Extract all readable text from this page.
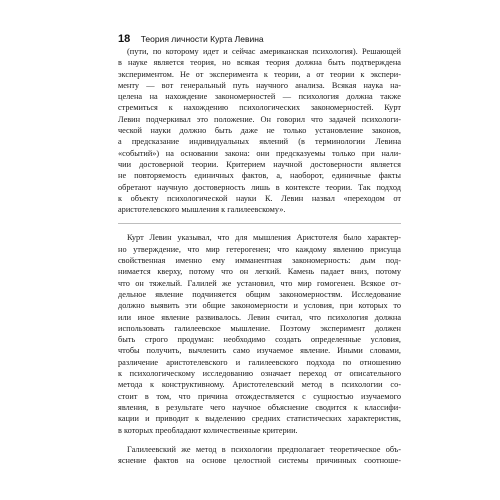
18 Теория личности Курта Левина
(пути, по которому идет и сейчас американская психология). Решающей
в науке является теория, но всякая теория должна быть подтверждена
экспериментом. Не от эксперимента к теории, а от теории к экспери-
менту — вот генеральный путь научного анализа. Всякая наука на-
целена на нахождение закономерностей — психология должна также
стремиться к нахождению психологических закономерностей. Курт
Левин подчеркивал это положение. Он говорил что задачей психологи-
ческой науки должно быть даже не только установление законов,
а предсказание индивидуальных явлений (в терминологии Левина
«событий») на основании закона: они предсказуемы только при нали-
чии достоверной теории. Критерием научной достоверности является
не повторяемость единичных фактов, а, наоборот, единичные факты
обретают научную достоверность лишь в контексте теории. Так подход
к объекту психологической науки К. Левин назвал «переходом от
аристотелевского мышления к галилеевскому».
Курт Левин указывал, что для мышления Аристотеля было характер-
но утверждение, что мир гетерогенен; что каждому явлению присуща
свойственная именно ему имманентная закономерность: дым под-
нимается кверху, потому что он легкий. Камень падает вниз, потому
что он тяжелый. Галилей же установил, что мир гомогенен. Всякое от-
дельное явление подчиняется общим закономерностям. Исследование
должно выявить эти общие закономерности и условия, при которых то
или иное явление развивалось. Левин считал, что психология должна
использовать галилеевское мышление. Поэтому эксперимент должен
быть строго продуман: необходимо создать определенные условия,
чтобы получить, вычленить само изучаемое явление. Иными словами,
различение аристотелевского и галилеевского подхода по отношению
к психологическому исследованию означает переход от описательного
метода к конструктивному. Аристотелевский метод в психологии со-
стоит в том, что причина отождествляется с сущностью изучаемого
явления, в результате чего научное объяснение сводится к классифи-
кации и приводит к выделению средних статистических характеристик,
в которых преобладают количественные критерии.
Галилеевский же метод в психологии предполагает теоретическое объ-
яснение фактов на основе целостной системы причинных соотноше-
